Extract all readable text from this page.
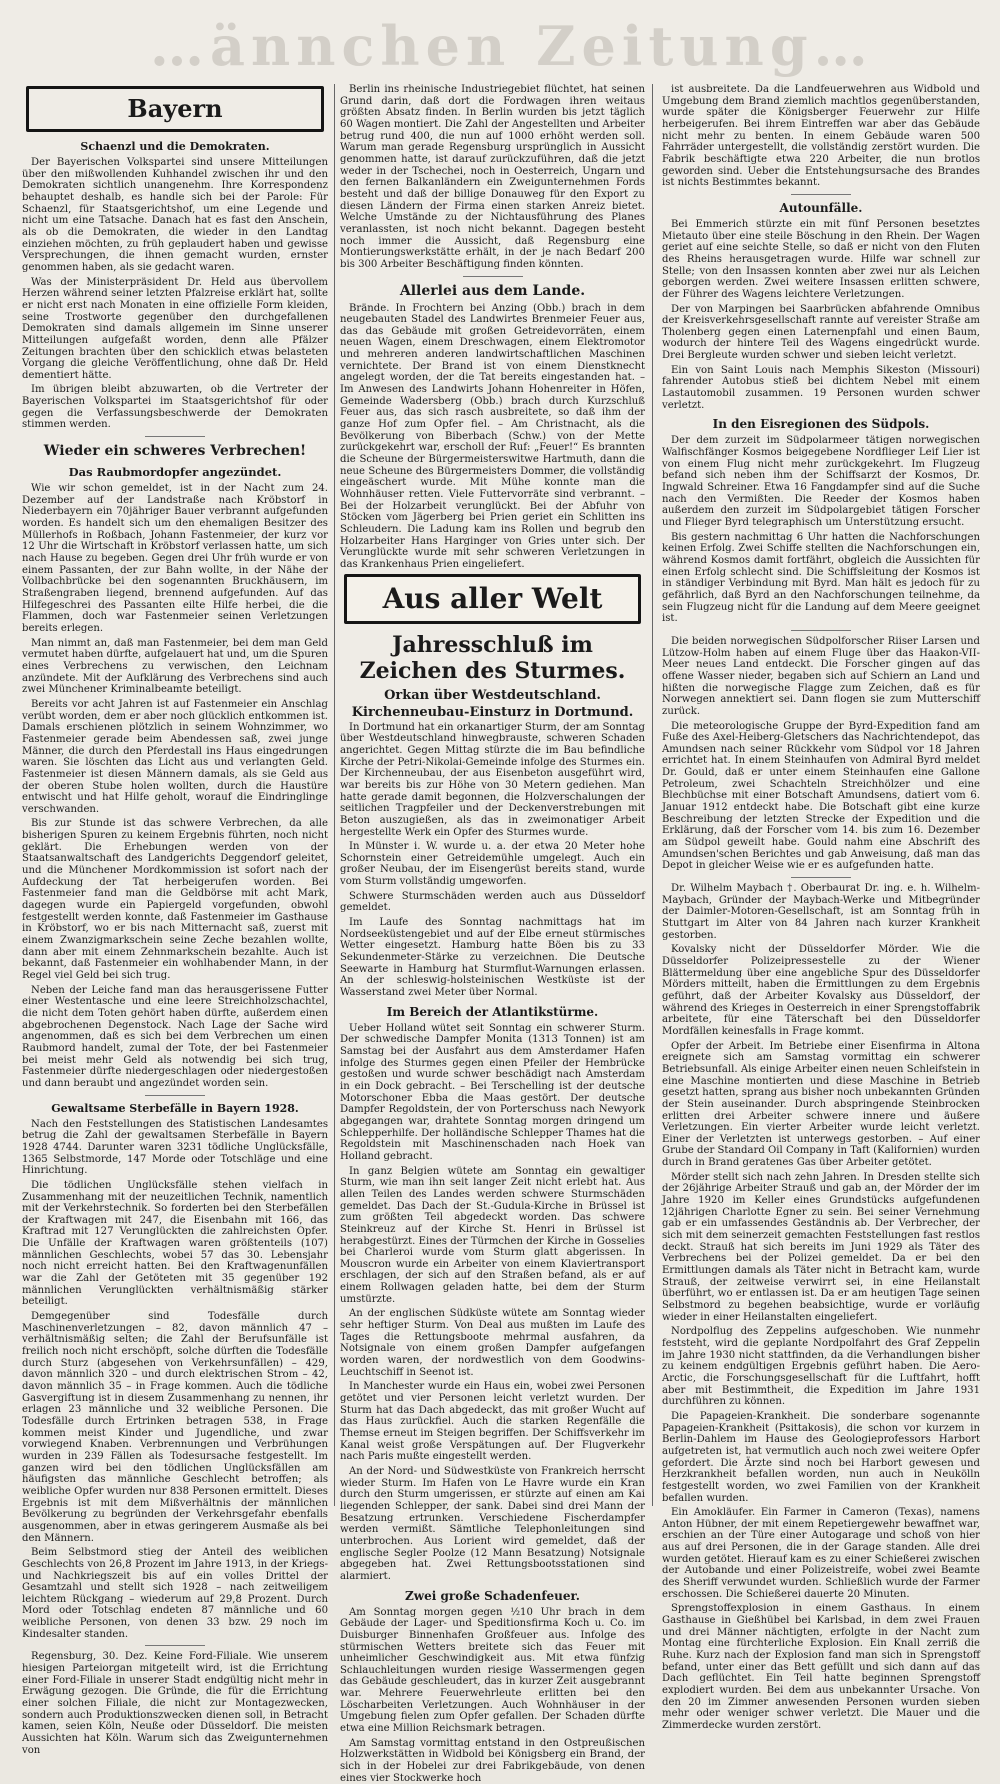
…ännchen Zeitung…
Bayern
Schaenzl und die Demokraten.

Der Bayerischen Volkspartei sind unsere Mitteilungen über den mißwollenden Kuhhandel zwischen ihr und den Demokraten sichtlich unangenehm. Ihre Korrespondenz behauptet deshalb, es handle sich bei der Parole: Für Schaenzl, für Staatsgerichtshof, um eine Legende und nicht um eine Tatsache. Danach hat es fast den Anschein, als ob die Demokraten, die wieder in den Landtag einziehen möchten, zu früh geplaudert haben und gewisse Versprechungen, die ihnen gemacht wurden, ernster genommen haben, als sie gedacht waren.

Was der Ministerpräsident Dr. Held aus übervollem Herzen während seiner letzten Pfalzreise erklärt hat, sollte er nicht erst nach Monaten in eine offizielle Form kleiden, seine Trostworte gegenüber den durchgefallenen Demokraten sind damals allgemein im Sinne unserer Mitteilungen aufgefaßt worden, denn alle Pfälzer Zeitungen brachten über den schicklich etwas belasteten Vorgang die gleiche Veröffentlichung, ohne daß Dr. Held dementiert hätte.

Im übrigen bleibt abzuwarten, ob die Vertreter der Bayerischen Volkspartei im Staatsgerichtshof für oder gegen die Verfassungsbeschwerde der Demokraten stimmen werden.

Wieder ein schweres Verbrechen!
Das Raubmordopfer angezündet.

Wie wir schon gemeldet, ist in der Nacht zum 24. Dezember auf der Landstraße nach Kröbstorf in Niederbayern ein 70jähriger Bauer verbrannt aufgefunden worden. Es handelt sich um den ehemaligen Besitzer des Müllerhofs in Roßbach, Johann Fastenmeier, der kurz vor 12 Uhr die Wirtschaft in Kröbstorf verlassen hatte, um sich nach Hause zu begeben. Gegen drei Uhr früh wurde er von einem Passanten, der zur Bahn wollte, in der Nähe der Vollbachbrücke bei den sogenannten Bruckhäusern, im Straßengraben liegend, brennend aufgefunden. Auf das Hilfegeschrei des Passanten eilte Hilfe herbei, die die Flammen, doch war Fastenmeier seinen Verletzungen bereits erlegen.

Man nimmt an, daß man Fastenmeier, bei dem man Geld vermutet haben dürfte, aufgelauert hat und, um die Spuren eines Verbrechens zu verwischen, den Leichnam anzündete. Mit der Aufklärung des Verbrechens sind auch zwei Münchener Kriminalbeamte beteiligt.

Bereits vor acht Jahren ist auf Fastenmeier ein Anschlag verübt worden, dem er aber noch glücklich entkommen ist. Damals erschienen plötzlich in seinem Wohnzimmer, wo Fastenmeier gerade beim Abendessen saß, zwei junge Männer, die durch den Pferdestall ins Haus eingedrungen waren. Sie löschten das Licht aus und verlangten Geld. Fastenmeier ist diesen Männern damals, als sie Geld aus der oberen Stube holen wollten, durch die Haustüre entwischt und hat Hilfe geholt, worauf die Eindringlinge verschwanden.

Bis zur Stunde ist das schwere Verbrechen, da alle bisherigen Spuren zu keinem Ergebnis führten, noch nicht geklärt. Die Erhebungen werden von der Staatsanwaltschaft des Landgerichts Deggendorf geleitet, und die Münchener Mordkommission ist sofort nach der Aufdeckung der Tat herbeigerufen worden. Bei Fastenmeier fand man die Geldbörse mit acht Mark, dagegen wurde ein Papiergeld vorgefunden, obwohl festgestellt werden konnte, daß Fastenmeier im Gasthause in Kröbstorf, wo er bis nach Mitternacht saß, zuerst mit einem Zwanzigmarkschein seine Zeche bezahlen wollte, dann aber mit einem Zehnmarkschein bezahlte. Auch ist bekannt, daß Fastenmeier ein wohlhabender Mann, in der Regel viel Geld bei sich trug.

Neben der Leiche fand man das herausgerissene Futter einer Westentasche und eine leere Streichholzschachtel, die nicht dem Toten gehört haben dürfte, außerdem einen abgebrochenen Degenstock. Nach Lage der Sache wird angenommen, daß es sich bei dem Verbrechen um einen Raubmord handelt, zumal der Tote, der bei Fastenmeier bei meist mehr Geld als notwendig bei sich trug, Fastenmeier dürfte niedergeschlagen oder niedergestoßen und dann beraubt und angezündet worden sein.

Gewaltsame Sterbefälle in Bayern 1928.

Nach den Feststellungen des Statistischen Landesamtes betrug die Zahl der gewaltsamen Sterbefälle in Bayern 1928 4744. Darunter waren 3231 tödliche Unglücksfälle, 1365 Selbstmorde, 147 Morde oder Totschläge und eine Hinrichtung.

Die tödlichen Unglücksfälle stehen vielfach in Zusammenhang mit der neuzeitlichen Technik, namentlich mit der Verkehrstechnik. So forderten bei den Sterbefällen der Kraftwagen mit 247, die Eisenbahn mit 166, das Kraftrad mit 127 Verunglückten die zahlreichsten Opfer. Die Unfälle der Kraftwagen waren größtenteils (107) männlichen Geschlechts, wobei 57 das 30. Lebensjahr noch nicht erreicht hatten. Bei den Kraftwagenunfällen war die Zahl der Getöteten mit 35 gegenüber 192 männlichen Verunglückten verhältnismäßig stärker beteiligt.

Demgegenüber sind Todesfälle durch Maschinenverletzungen – 82, davon männlich 47 – verhältnismäßig selten; die Zahl der Berufsunfälle ist freilich noch nicht erschöpft, solche dürften die Todesfälle durch Sturz (abgesehen von Verkehrsunfällen) – 429, davon männlich 320 – und durch elektrischen Strom – 42, davon männlich 35 – in Frage kommen. Auch die tödliche Gasvergiftung ist in diesem Zusammenhang zu nennen, ihr erlagen 23 männliche und 32 weibliche Personen. Die Todesfälle durch Ertrinken betragen 538, in Frage kommen meist Kinder und Jugendliche, und zwar vorwiegend Knaben. Verbrennungen und Verbrühungen wurden in 239 Fällen als Todesursache festgestellt. Im ganzen wird bei den tödlichen Unglücksfällen am häufigsten das männliche Geschlecht betroffen; als weibliche Opfer wurden nur 838 Personen ermittelt. Dieses Ergebnis ist mit dem Mißverhältnis der männlichen Bevölkerung zu begründen der Verkehrsgefahr ebenfalls ausgenommen, aber in etwas geringerem Ausmaße als bei den Männern.

Beim Selbstmord stieg der Anteil des weiblichen Geschlechts von 26,8 Prozent im Jahre 1913, in der Kriegs- und Nachkriegszeit bis auf ein volles Drittel der Gesamtzahl und stellt sich 1928 – nach zeitweiligem leichtem Rückgang – wiederum auf 29,8 Prozent. Durch Mord oder Totschlag endeten 87 männliche und 60 weibliche Personen, von denen 33 bzw. 29 noch im Kindesalter standen.

Regensburg, 30. Dez. Keine Ford-Filiale. Wie unserem hiesigen Parteiorgan mitgeteilt wird, ist die Errichtung einer Ford-Filiale in unserer Stadt endgültig nicht mehr in Erwägung gezogen. Die Gründe, die für die Errichtung einer solchen Filiale, die nicht zur Montagezwecken, sondern auch Produktionszwecken dienen soll, in Betracht kamen, seien Köln, Neuße oder Düsseldorf. Die meisten Aussichten hat Köln. Warum sich das Zweigunternehmen von

Berlin ins rheinische Industriegebiet flüchtet, hat seinen Grund darin, daß dort die Fordwagen ihren weitaus größten Absatz finden. In Berlin wurden bis jetzt täglich 60 Wagen montiert. Die Zahl der Angestellten und Arbeiter betrug rund 400, die nun auf 1000 erhöht werden soll. Warum man gerade Regensburg ursprünglich in Aussicht genommen hatte, ist darauf zurückzuführen, daß die jetzt weder in der Tschechei, noch in Oesterreich, Ungarn und den fernen Balkanländern ein Zweigunternehmen Fords besteht und daß der billige Donauweg für den Export zu diesen Ländern der Firma einen starken Anreiz bietet. Welche Umstände zu der Nichtausführung des Planes veranlassten, ist noch nicht bekannt. Dagegen besteht noch immer die Aussicht, daß Regensburg eine Montierungswerkstätte erhält, in der je nach Bedarf 200 bis 300 Arbeiter Beschäftigung finden könnten.

Allerlei aus dem Lande.

Brände. In Frochtern bei Anzing (Obb.) brach in dem neugebauten Stadel des Landwirtes Brenmeier Feuer aus, das das Gebäude mit großen Getreidevorräten, einem neuen Wagen, einem Dreschwagen, einem Elektromotor und mehreren anderen landwirtschaftlichen Maschinen vernichtete. Der Brand ist von einem Dienstknecht angelegt worden, der die Tat bereits eingestanden hat. – Im Anwesen des Landwirts Johann Hohenreiter in Höfen, Gemeinde Wadersberg (Obb.) brach durch Kurzschluß Feuer aus, das sich rasch ausbreitete, so daß ihm der ganze Hof zum Opfer fiel. – Am Christnacht, als die Bevölkerung von Biberbach (Schw.) von der Mette zurückgekehrt war, erscholl der Ruf: „Feuer!“ Es brannten die Scheune der Bürgermeisterswitwe Hartmuth, dann die neue Scheune des Bürgermeisters Dommer, die vollständig eingeäschert wurde. Mit Mühe konnte man die Wohnhäuser retten. Viele Futtervorräte sind verbrannt. – Bei der Holzarbeit verunglückt. Bei der Abfuhr von Stöcken vom Jägerberg bei Prien geriet ein Schlitten ins Schleudern. Die Ladung kam ins Rollen und begrub den Holzarbeiter Hans Harginger von Gries unter sich. Der Verunglückte wurde mit sehr schweren Verletzungen in das Krankenhaus Prien eingeliefert.

Aus aller Welt
Jahresschluß im Zeichen des Sturmes.
Orkan über Westdeutschland.
Kirchenneubau-Einsturz in Dortmund.

In Dortmund hat ein orkanartiger Sturm, der am Sonntag über Westdeutschland hinwegbrauste, schweren Schaden angerichtet. Gegen Mittag stürzte die im Bau befindliche Kirche der Petri-Nikolai-Gemeinde infolge des Sturmes ein. Der Kirchenneubau, der aus Eisenbeton ausgeführt wird, war bereits bis zur Höhe von 30 Metern gediehen. Man hatte gerade damit begonnen, die Holzverschalungen der seitlichen Tragpfeiler und der Deckenverstrebungen mit Beton auszugießen, als das in zweimonatiger Arbeit hergestellte Werk ein Opfer des Sturmes wurde.

In Münster i. W. wurde u. a. der etwa 20 Meter hohe Schornstein einer Getreidemühle umgelegt. Auch ein großer Neubau, der im Eisengerüst bereits stand, wurde vom Sturm vollständig umgeworfen.

Schwere Sturmschäden werden auch aus Düsseldorf gemeldet.

Im Laufe des Sonntag nachmittags hat im Nordseeküstengebiet und auf der Elbe erneut stürmisches Wetter eingesetzt. Hamburg hatte Böen bis zu 33 Sekundenmeter-Stärke zu verzeichnen. Die Deutsche Seewarte in Hamburg hat Sturmflut-Warnungen erlassen. An der schleswig-holsteinischen Westküste ist der Wasserstand zwei Meter über Normal.

Im Bereich der Atlantikstürme.

Ueber Holland wütet seit Sonntag ein schwerer Sturm. Der schwedische Dampfer Monita (1313 Tonnen) ist am Samstag bei der Ausfahrt aus dem Amsterdamer Hafen infolge des Sturmes gegen einen Pfeiler der Hembrücke gestoßen und wurde schwer beschädigt nach Amsterdam in ein Dock gebracht. – Bei Terschelling ist der deutsche Motorschoner Ebba die Maas gestört. Der deutsche Dampfer Regoldstein, der von Porterschuss nach Newyork abgegangen war, drahtete Sonntag morgen dringend um Schlepperhilfe. Der holländische Schlepper Thames hat die Regoldstein mit Maschinenschaden nach Hoek van Holland gebracht.

In ganz Belgien wütete am Sonntag ein gewaltiger Sturm, wie man ihn seit langer Zeit nicht erlebt hat. Aus allen Teilen des Landes werden schwere Sturmschäden gemeldet. Das Dach der St.-Gudula-Kirche in Brüssel ist zum größten Teil abgedeckt worden. Das schwere Steinkreuz auf der Kirche St. Henri in Brüssel ist herabgestürzt. Eines der Türmchen der Kirche in Gosselies bei Charleroi wurde vom Sturm glatt abgerissen. In Mouscron wurde ein Arbeiter von einem Klaviertransport erschlagen, der sich auf den Straßen befand, als er auf einem Rollwagen geladen hatte, bei dem der Sturm umstürzte.

An der englischen Südküste wütete am Sonntag wieder sehr heftiger Sturm. Von Deal aus mußten im Laufe des Tages die Rettungsboote mehrmal ausfahren, da Notsignale von einem großen Dampfer aufgefangen worden waren, der nordwestlich von dem Goodwins-Leuchtschiff in Seenot ist.

In Manchester wurde ein Haus ein, wobei zwei Personen getötet und vier Personen leicht verletzt wurden. Der Sturm hat das Dach abgedeckt, das mit großer Wucht auf das Haus zurückfiel. Auch die starken Regenfälle die Themse erneut im Steigen begriffen. Der Schiffsverkehr im Kanal weist große Verspätungen auf. Der Flugverkehr nach Paris mußte eingestellt werden.

An der Nord- und Südwestküste von Frankreich herrscht wieder Sturm. Im Hafen von Le Havre wurde ein Kran durch den Sturm umgerissen, er stürzte auf einen am Kai liegenden Schlepper, der sank. Dabei sind drei Mann der Besatzung ertrunken. Verschiedene Fischerdampfer werden vermißt. Sämtliche Telephonleitungen sind unterbrochen. Aus Lorient wird gemeldet, daß der englische Segler Poolze (12 Mann Besatzung) Notsignale abgegeben hat. Zwei Rettungsbootsstationen sind alarmiert.

Zwei große Schadenfeuer.

Am Sonntag morgen gegen ½10 Uhr brach in dem Gebäude der Lager- und Speditionsfirma Koch u. Co. im Duisburger Binnenhafen Großfeuer aus. Infolge des stürmischen Wetters breitete sich das Feuer mit unheimlicher Geschwindigkeit aus. Mit etwa fünfzig Schlauchleitungen wurden riesige Wassermengen gegen das Gebäude geschleudert, das in kurzer Zeit ausgebrannt war. Mehrere Feuerwehrleute erlitten bei den Löscharbeiten Verletzungen. Auch Wohnhäuser in der Umgebung fielen zum Opfer gefallen. Der Schaden dürfte etwa eine Million Reichsmark betragen.

Am Samstag vormittag entstand in den Ostpreußischen Holzwerkstätten in Widbold bei Königsberg ein Brand, der sich in der Hobelei zur drei Fabrikgebäude, von denen eines vier Stockwerke hoch

ist ausbreitete. Da die Landfeuerwehren aus Widbold und Umgebung dem Brand ziemlich machtlos gegenüberstanden, wurde später die Königsberger Feuerwehr zur Hilfe herbeigerufen. Bei ihrem Eintreffen war aber das Gebäude nicht mehr zu benten. In einem Gebäude waren 500 Fahrräder untergestellt, die vollständig zerstört wurden. Die Fabrik beschäftigte etwa 220 Arbeiter, die nun brotlos geworden sind. Ueber die Entstehungsursache des Brandes ist nichts Bestimmtes bekannt.

Autounfälle.

Bei Emmerich stürzte ein mit fünf Personen besetztes Mietauto über eine steile Böschung in den Rhein. Der Wagen geriet auf eine seichte Stelle, so daß er nicht von den Fluten des Rheins herausgetragen wurde. Hilfe war schnell zur Stelle; von den Insassen konnten aber zwei nur als Leichen geborgen werden. Zwei weitere Insassen erlitten schwere, der Führer des Wagens leichtere Verletzungen.

Der von Marpingen bei Saarbrücken abfahrende Omnibus der Kreisverkehrsgesellschaft rannte auf vereister Straße am Tholenberg gegen einen Laternenpfahl und einen Baum, wodurch der hintere Teil des Wagens eingedrückt wurde. Drei Bergleute wurden schwer und sieben leicht verletzt.

Ein von Saint Louis nach Memphis Sikeston (Missouri) fahrender Autobus stieß bei dichtem Nebel mit einem Lastautomobil zusammen. 19 Personen wurden schwer verletzt.

In den Eisregionen des Südpols.

Der dem zurzeit im Südpolarmeer tätigen norwegischen Walfischfänger Kosmos beigegebene Nordflieger Leif Lier ist von einem Flug nicht mehr zurückgekehrt. Im Flugzeug befand sich neben ihm der Schiffsarzt der Kosmos, Dr. Ingwald Schreiner. Etwa 16 Fangdampfer sind auf die Suche nach den Vermißten. Die Reeder der Kosmos haben außerdem den zurzeit im Südpolargebiet tätigen Forscher und Flieger Byrd telegraphisch um Unterstützung ersucht.

Bis gestern nachmittag 6 Uhr hatten die Nachforschungen keinen Erfolg. Zwei Schiffe stellten die Nachforschungen ein, während Kosmos damit fortfährt, obgleich die Aussichten für einen Erfolg schlecht sind. Die Schiffsleitung der Kosmos ist in ständiger Verbindung mit Byrd. Man hält es jedoch für zu gefährlich, daß Byrd an den Nachforschungen teilnehme, da sein Flugzeug nicht für die Landung auf dem Meere geeignet ist.

Die beiden norwegischen Südpolforscher Riiser Larsen und Lützow-Holm haben auf einem Fluge über das Haakon-VII-Meer neues Land entdeckt. Die Forscher gingen auf das offene Wasser nieder, begaben sich auf Schiern an Land und hißten die norwegische Flagge zum Zeichen, daß es für Norwegen annektiert sei. Dann flogen sie zum Mutterschiff zurück.

Die meteorologische Gruppe der Byrd-Expedition fand am Fuße des Axel-Heiberg-Gletschers das Nachrichtendepot, das Amundsen nach seiner Rückkehr vom Südpol vor 18 Jahren errichtet hat. In einem Steinhaufen von Admiral Byrd meldet Dr. Gould, daß er unter einem Steinhaufen eine Gallone Petroleum, zwei Schachteln Streichhölzer und eine Blechbüchse mit einer Botschaft Amundsens, datiert vom 6. Januar 1912 entdeckt habe. Die Botschaft gibt eine kurze Beschreibung der letzten Strecke der Expedition und die Erklärung, daß der Forscher vom 14. bis zum 16. Dezember am Südpol geweilt habe. Gould nahm eine Abschrift des Amundsen'schen Berichtes und gab Anweisung, daß man das Depot in gleicher Weise wie er es aufgefunden hatte.

Dr. Wilhelm Maybach †. Oberbaurat Dr. ing. e. h. Wilhelm-Maybach, Gründer der Maybach-Werke und Mitbegründer der Daimler-Motoren-Gesellschaft, ist am Sonntag früh in Stuttgart im Alter von 84 Jahren nach kurzer Krankheit gestorben.

Kovalsky nicht der Düsseldorfer Mörder. Wie die Düsseldorfer Polizeipressestelle zu der Wiener Blättermeldung über eine angebliche Spur des Düsseldorfer Mörders mitteilt, haben die Ermittlungen zu dem Ergebnis geführt, daß der Arbeiter Kovalsky aus Düsseldorf, der während des Krieges in Oesterreich in einer Sprengstoffabrik arbeitete, für eine Täterschaft bei den Düsseldorfer Mordfällen keinesfalls in Frage kommt.

Opfer der Arbeit. Im Betriebe einer Eisenfirma in Altona ereignete sich am Samstag vormittag ein schwerer Betriebsunfall. Als einige Arbeiter einen neuen Schleifstein in eine Maschine montierten und diese Maschine in Betrieb gesetzt hatten, sprang aus bisher noch unbekannten Gründen der Stein auseinander. Durch abspringende Steinbrocken erlitten drei Arbeiter schwere innere und äußere Verletzungen. Ein vierter Arbeiter wurde leicht verletzt. Einer der Verletzten ist unterwegs gestorben. – Auf einer Grube der Standard Oil Company in Taft (Kalifornien) wurden durch in Brand geratenes Gas über Arbeiter getötet.

Mörder stellt sich nach zehn Jahren. In Dresden stellte sich der 26jährige Arbeiter Strauß und gab an, der Mörder der im Jahre 1920 im Keller eines Grundstücks aufgefundenen 12jährigen Charlotte Egner zu sein. Bei seiner Vernehmung gab er ein umfassendes Geständnis ab. Der Verbrecher, der sich mit dem seinerzeit gemachten Feststellungen fast restlos deckt. Strauß hat sich bereits im Juni 1929 als Täter des Verbrechens bei der Polizei gemeldet. Da er bei den Ermittlungen damals als Täter nicht in Betracht kam, wurde Strauß, der zeitweise verwirrt sei, in eine Heilanstalt überführt, wo er entlassen ist. Da er am heutigen Tage seinen Selbstmord zu begehen beabsichtige, wurde er vorläufig wieder in einer Heilanstalten eingeliefert.

Nordpolflug des Zeppelins aufgeschoben. Wie nunmehr feststeht, wird die geplante Nordpolfahrt des Graf Zeppelin im Jahre 1930 nicht stattfinden, da die Verhandlungen bisher zu keinem endgültigen Ergebnis geführt haben. Die Aero-Arctic, die Forschungsgesellschaft für die Luftfahrt, hofft aber mit Bestimmtheit, die Expedition im Jahre 1931 durchführen zu können.

Die Papageien-Krankheit. Die sonderbare sogenannte Papageien-Krankheit (Psittakosis), die schon vor kurzem in Berlin-Dahlem im Hause des Geologieprofessors Harbort aufgetreten ist, hat vermutlich auch noch zwei weitere Opfer gefordert. Die Ärzte sind noch bei Harbort gewesen und Herzkrankheit befallen worden, nun auch in Neukölln festgestellt worden, wo zwei Familien von der Krankheit befallen wurden.

Ein Amokläufer. Ein Farmer in Cameron (Texas), namens Anton Hübner, der mit einem Repetiergewehr bewaffnet war, erschien an der Türe einer Autogarage und schoß von hier aus auf drei Personen, die in der Garage standen. Alle drei wurden getötet. Hierauf kam es zu einer Schießerei zwischen der Autobande und einer Polizeistreife, wobei zwei Beamte des Sheriff verwundet wurden. Schließlich wurde der Farmer erschossen. Die Schießerei dauerte 20 Minuten.

Sprengstoffexplosion in einem Gasthaus. In einem Gasthause in Gießhübel bei Karlsbad, in dem zwei Frauen und drei Männer nächtigten, erfolgte in der Nacht zum Montag eine fürchterliche Explosion. Ein Knall zerriß die Ruhe. Kurz nach der Explosion fand man sich in Sprengstoff befand, unter einer das Bett gefüllt und sich dann auf das Dach geflüchtet. Ein Teil hatte beginnen Sprengstoff explodiert wurden. Bei dem aus unbekannter Ursache. Von den 20 im Zimmer anwesenden Personen wurden sieben mehr oder weniger schwer verletzt. Die Mauer und die Zimmerdecke wurden zerstört.
